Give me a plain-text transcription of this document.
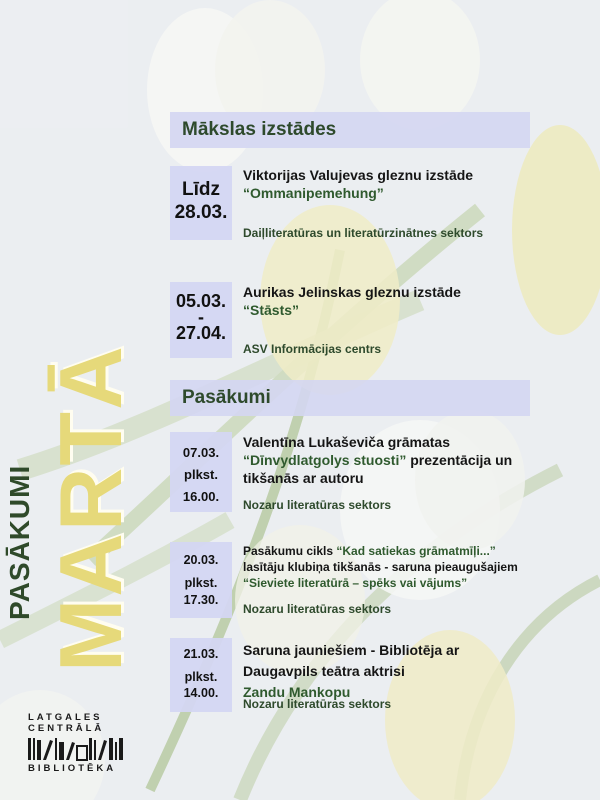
PASĀKUMI MARTĀ
Mākslas izstādes
Līdz
28.03.
Viktorijas Valujevas gleznu izstāde
“Ommanipemehung”
Daiļliteratūras un literatūrzinātnes sektors
05.03.
-
27.04.
Aurikas Jelinskas gleznu izstāde
“Stāsts”
ASV Informācijas centrs
Pasākumi
07.03.
plkst.
16.00.
Valentīna Lukaševiča grāmatas
“Dīnvydlatgolys stuosti” prezentācija un
tikšanās ar autoru
Nozaru literatūras sektors
20.03.
plkst.
17.30.
Pasākumu cikls “Kad satiekas grāmatmīļi...”
lasītāju klubiņa tikšanās - saruna pieaugušajiem
“Sieviete literatūrā – spēks vai vājums”
Nozaru literatūras sektors
21.03.
plkst.
14.00.
Saruna jauniešiem - Bibliotēja ar
Daugavpils teātra aktrisi
Zandu Mankopu
Nozaru literatūras sektors
LATGALES
CENTRĀLĀ
BIBLIOTĒKA
